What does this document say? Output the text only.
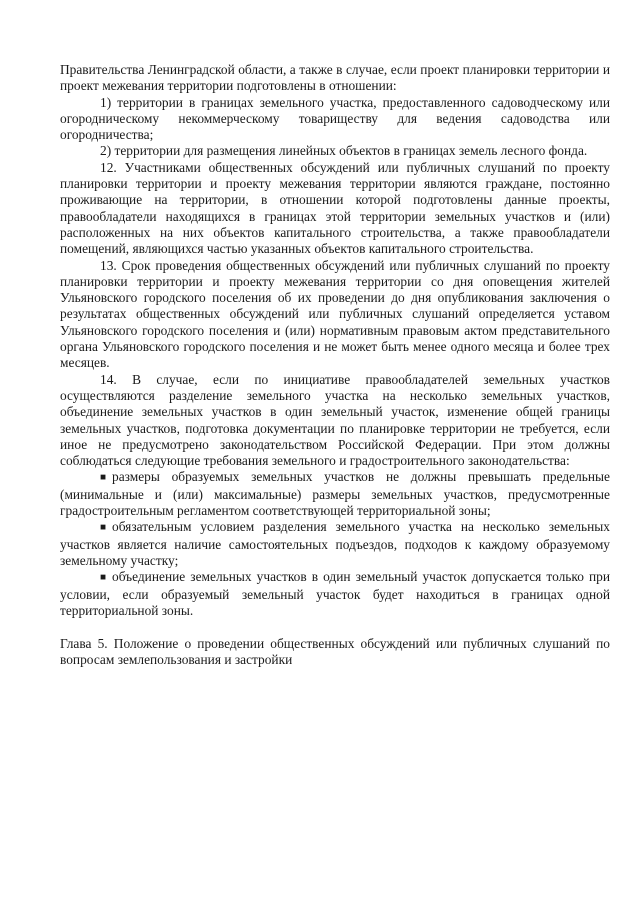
Правительства Ленинградской области, а также в случае, если проект планировки территории и проект межевания территории подготовлены в отношении:

1) территории в границах земельного участка, предоставленного садоводческому или огородническому некоммерческому товариществу для ведения садоводства или огородничества;

2) территории для размещения линейных объектов в границах земель лесного фонда.

12. Участниками общественных обсуждений или публичных слушаний по проекту планировки территории и проекту межевания территории являются граждане, постоянно проживающие на территории, в отношении которой подготовлены данные проекты, правообладатели находящихся в границах этой территории земельных участков и (или) расположенных на них объектов капитального строительства, а также правообладатели помещений, являющихся частью указанных объектов капитального строительства.

13. Срок проведения общественных обсуждений или публичных слушаний по проекту планировки территории и проекту межевания территории со дня оповещения жителей Ульяновского городского поселения об их проведении до дня опубликования заключения о результатах общественных обсуждений или публичных слушаний определяется уставом Ульяновского городского поселения и (или) нормативным правовым актом представительного органа Ульяновского городского поселения и не может быть менее одного месяца и более трех месяцев.

14. В случае, если по инициативе правообладателей земельных участков осуществляются разделение земельного участка на несколько земельных участков, объединение земельных участков в один земельный участок, изменение общей границы земельных участков, подготовка документации по планировке территории не требуется, если иное не предусмотрено законодательством Российской Федерации. При этом должны соблюдаться следующие требования земельного и градостроительного законодательства:

■ размеры образуемых земельных участков не должны превышать предельные (минимальные и (или) максимальные) размеры земельных участков, предусмотренные градостроительным регламентом соответствующей территориальной зоны;

■ обязательным условием разделения земельного участка на несколько земельных участков является наличие самостоятельных подъездов, подходов к каждому образуемому земельному участку;

■ объединение земельных участков в один земельный участок допускается только при условии, если образуемый земельный участок будет находиться в границах одной территориальной зоны.

Глава 5. Положение о проведении общественных обсуждений или публичных слушаний по вопросам землепользования и застройки
